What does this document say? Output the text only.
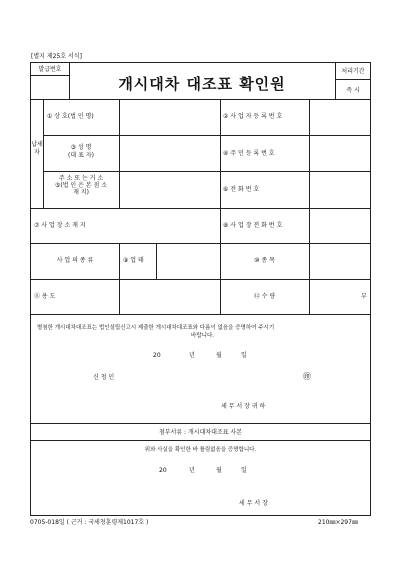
[별지 제25호 서식]
발급번호
개시대차 대조표 확인원
처리기간
즉 시
납세자
① 상 호(법 인 명)	② 사 업 자 등 록 번 호
③ 성 명
(대 표 자)	④ 주 민 등 록 번 호
주 소 또 는 거 소
⑤(법 인 은 본 점 소
재 지)	⑥ 전 화 번 호
⑦ 사 업 장 소 재 지	⑧ 사 업 장 전 화 번 호
사 업 의 종 류	⑨ 업 태	⑩ 종 목
⑪ 용 도	⑫ 수 량	부
별첨한 개시대차대조표는 법인설립신고시 제출한 개시대차대조표와 다름이 없음을 증명하여 주시기
바랍니다.
20	년	월	일
신 청 인	㊞
세 무 서 장 귀 하
첨부서류 : 개시대차대조표 사본
위와 사실을 확인한 바 틀림없음을 증명합니다.
20	년	월	일
세 무 서 장
0705-018일 ( 근거 : 국세청훈령제1017호 )	210㎜×297㎜
